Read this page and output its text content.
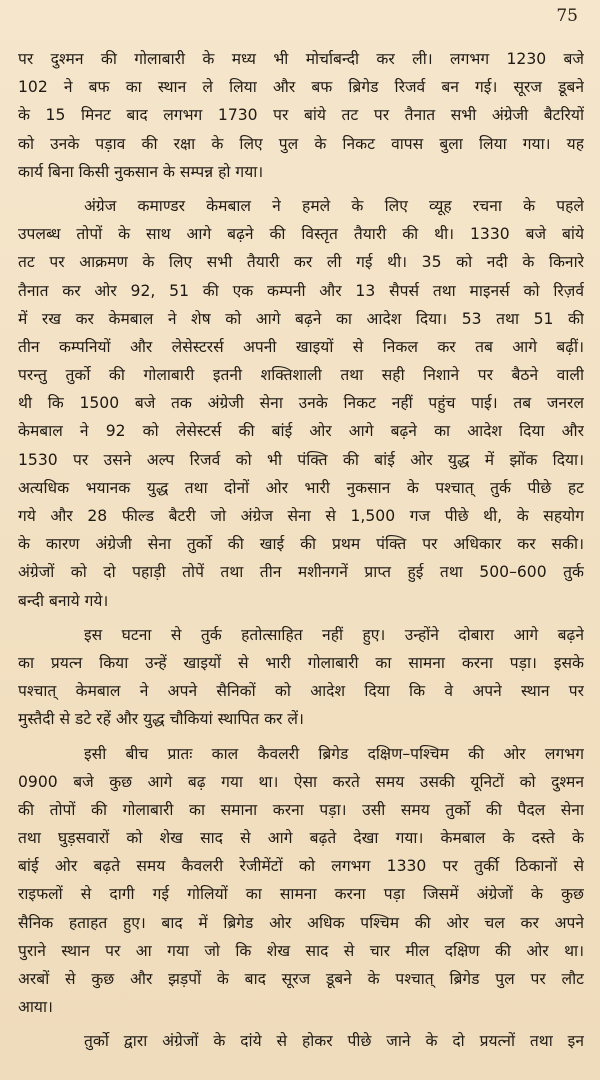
75
पर दुश्मन की गोलाबारी के मध्य भी मोर्चाबन्दी कर ली। लगभग 1230 बजे
102 ने बफ का स्थान ले लिया और बफ ब्रिगेड रिजर्व बन गई। सूरज डूबने
के 15 मिनट बाद लगभग 1730 पर बांये तट पर तैनात सभी अंग्रेजी बैटरियों
को उनके पड़ाव की रक्षा के लिए पुल के निकट वापस बुला लिया गया। यह
कार्य बिना किसी नुकसान के सम्पन्न हो गया।
अंग्रेज कमाण्डर केमबाल ने हमले के लिए व्यूह रचना के पहले
उपलब्ध तोपों के साथ आगे बढ़ने की विस्तृत तैयारी की थी। 1330 बजे बांये
तट पर आक्रमण के लिए सभी तैयारी कर ली गई थी। 35 को नदी के किनारे
तैनात कर ओर 92, 51 की एक कम्पनी और 13 सैपर्स तथा माइनर्स को रिज़र्व
में रख कर केमबाल ने शेष को आगे बढ़ने का आदेश दिया। 53 तथा 51 की
तीन कम्पनियों और लेसेस्टरर्स अपनी खाइयों से निकल कर तब आगे बढ़ीं।
परन्तु तुर्को की गोलाबारी इतनी शक्तिशाली तथा सही निशाने पर बैठने वाली
थी कि 1500 बजे तक अंग्रेजी सेना उनके निकट नहीं पहुंच पाई। तब जनरल
केमबाल ने 92 को लेसेस्टर्स की बांई ओर आगे बढ़ने का आदेश दिया और
1530 पर उसने अल्प रिजर्व को भी पंक्ति की बांई ओर युद्ध में झोंक दिया।
अत्यधिक भयानक युद्ध तथा दोनों ओर भारी नुकसान के पश्चात् तुर्क पीछे हट
गये और 28 फील्ड बैटरी जो अंग्रेज सेना से 1,500 गज पीछे थी, के सहयोग
के कारण अंग्रेजी सेना तुर्को की खाई की प्रथम पंक्ति पर अधिकार कर सकी।
अंग्रेजों को दो पहाड़ी तोपें तथा तीन मशीनगनें प्राप्त हुई तथा 500–600 तुर्क
बन्दी बनाये गये।
इस घटना से तुर्क हतोत्साहित नहीं हुए। उन्होंने दोबारा आगे बढ़ने
का प्रयत्न किया उन्हें खाइयों से भारी गोलाबारी का सामना करना पड़ा। इसके
पश्चात् केमबाल ने अपने सैनिकों को आदेश दिया कि वे अपने स्थान पर
मुस्तैदी से डटे रहें और युद्ध चौकियां स्थापित कर लें।
इसी बीच प्रातः काल कैवलरी ब्रिगेड दक्षिण–पश्चिम की ओर लगभग
0900 बजे कुछ आगे बढ़ गया था। ऐसा करते समय उसकी यूनिटों को दुश्मन
की तोपों की गोलाबारी का समाना करना पड़ा। उसी समय तुर्को की पैदल सेना
तथा घुड़सवारों को शेख साद से आगे बढ़ते देखा गया। केमबाल के दस्ते के
बांई ओर बढ़ते समय कैवलरी रेजीमेंटों को लगभग 1330 पर तुर्की ठिकानों से
राइफलों से दागी गई गोलियों का सामना करना पड़ा जिसमें अंग्रेजों के कुछ
सैनिक हताहत हुए। बाद में ब्रिगेड ओर अधिक पश्चिम की ओर चल कर अपने
पुराने स्थान पर आ गया जो कि शेख साद से चार मील दक्षिण की ओर था।
अरबों से कुछ और झड़पों के बाद सूरज डूबने के पश्चात् ब्रिगेड पुल पर लौट
आया।
तुर्को द्वारा अंग्रेजों के दांये से होकर पीछे जाने के दो प्रयत्नों तथा इन
